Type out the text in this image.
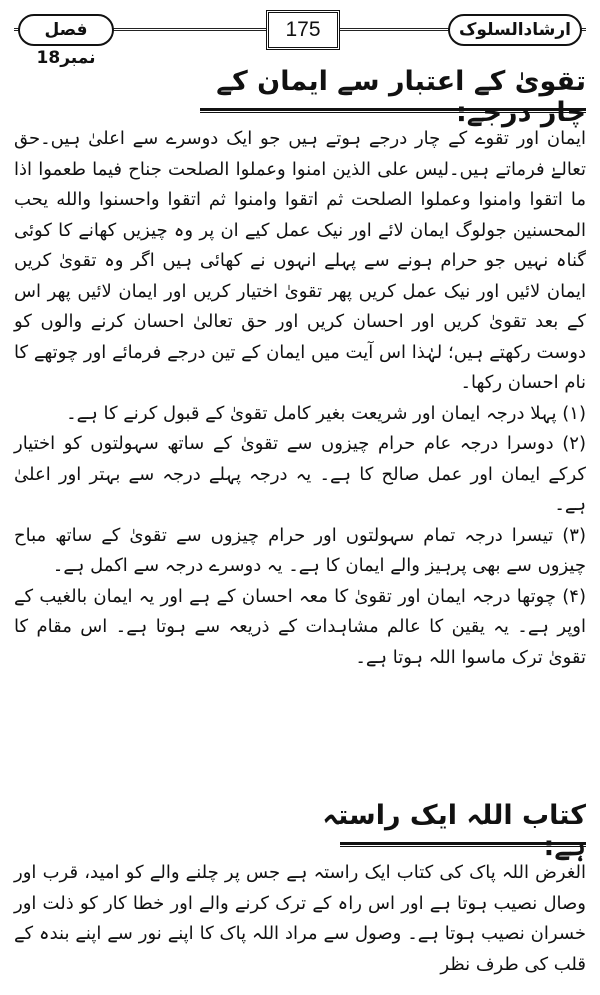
ارشادالسلوک
175
فصل نمبر18
تقویٰ کے اعتبار سے ایمان کے چار درجے:

ایمان اور تقوے کے چار درجے ہوتے ہیں جو ایک دوسرے سے اعلیٰ ہیں۔حق تعالےٰ فرماتے ہیں۔لیس علی الذین امنوا وعملوا الصلحت جناح فیما طعموا اذا ما اتقوا وامنوا وعملوا الصلحت ثم اتقوا وامنوا ثم اتقوا واحسنوا والله یحب المحسنین جولوگ ایمان لائے اور نیک عمل کیے ان پر وہ چیزیں کھانے کا کوئی گناہ نہیں جو حرام ہونے سے پہلے انہوں نے کھائی ہیں اگر وہ تقویٰ کریں ایمان لائیں اور نیک عمل کریں پھر تقویٰ اختیار کریں اور ایمان لائیں پھر اس کے بعد تقویٰ کریں اور احسان کریں اور حق تعالیٰ احسان کرنے والوں کو دوست رکھتے ہیں؛ لہٰذا اس آیت میں ایمان کے تین درجے فرمائے اور چوتھے کا نام احسان رکھا۔

(۱) پہلا درجہ ایمان اور شریعت بغیر کامل تقویٰ کے قبول کرنے کا ہے۔

(۲) دوسرا درجہ عام حرام چیزوں سے تقویٰ کے ساتھ سہولتوں کو اختیار کرکے ایمان اور عمل صالح کا ہے۔ یہ درجہ پہلے درجہ سے بہتر اور اعلیٰ ہے۔

(۳) تیسرا درجہ تمام سہولتوں اور حرام چیزوں سے تقویٰ کے ساتھ مباح چیزوں سے بھی پرہیز والے ایمان کا ہے۔ یہ دوسرے درجہ سے اکمل ہے۔

(۴) چوتھا درجہ ایمان اور تقویٰ کا معہ احسان کے ہے اور یہ ایمان بالغیب کے اوپر ہے۔ یہ یقین کا عالم مشاہدات کے ذریعہ سے ہوتا ہے۔ اس مقام کا تقویٰ ترک ماسوا اللہ ہوتا ہے۔

کتاب اللہ ایک راستہ ہے:

الغرض اللہ پاک کی کتاب ایک راستہ ہے جس پر چلنے والے کو امید، قرب اور وصال نصیب ہوتا ہے اور اس راہ کے ترک کرنے والے اور خطا کار کو ذلت اور خسران نصیب ہوتا ہے۔ وصول سے مراد اللہ پاک کا اپنے نور سے اپنے بندہ کے قلب کی طرف نظر
